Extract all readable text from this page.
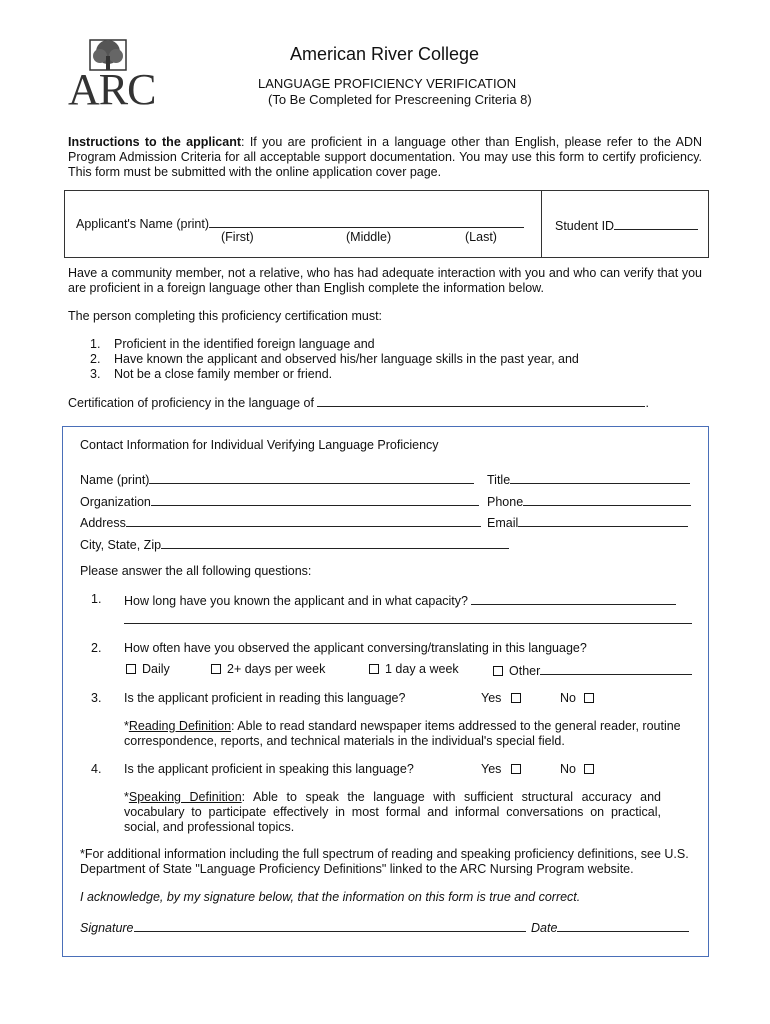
ARC
American River College
LANGUAGE PROFICIENCY VERIFICATION
(To Be Completed for Prescreening Criteria 8)

Instructions to the applicant: If you are proficient in a language other than English, please refer to the ADN Program Admission Criteria for all acceptable support documentation. You may use this form to certify proficiency. This form must be submitted with the online application cover page.

Applicant's Name (print)
(First)	(Middle)	(Last)
Student ID

Have a community member, not a relative, who has had adequate interaction with you and who can verify that you are proficient in a foreign language other than English complete the information below.

The person completing this proficiency certification must:

1. Proficient in the identified foreign language and
2. Have known the applicant and observed his/her language skills in the past year, and
3. Not be a close family member or friend.
Certification of proficiency in the language of	.
Contact Information for Individual Verifying Language Proficiency
Name (print)	Title
Organization	Phone
Address	Email
City, State, Zip
Please answer the all following questions:
1. How long have you known the applicant and in what capacity?
2. How often have you observed the applicant conversing/translating in this language?
Daily	2+ days per week	1 day a week	Other
3. Is the applicant proficient in reading this language?	Yes	No

*Reading Definition: Able to read standard newspaper items addressed to the general reader, routine correspondence, reports, and technical materials in the individual's special field.

4. Is the applicant proficient in speaking this language?	Yes	No

*Speaking Definition: Able to speak the language with sufficient structural accuracy and vocabulary to participate effectively in most formal and informal conversations on practical, social, and professional topics.

*For additional information including the full spectrum of reading and speaking proficiency definitions, see U.S. Department of State "Language Proficiency Definitions" linked to the ARC Nursing Program website.

I acknowledge, by my signature below, that the information on this form is true and correct.

Signature	Date
